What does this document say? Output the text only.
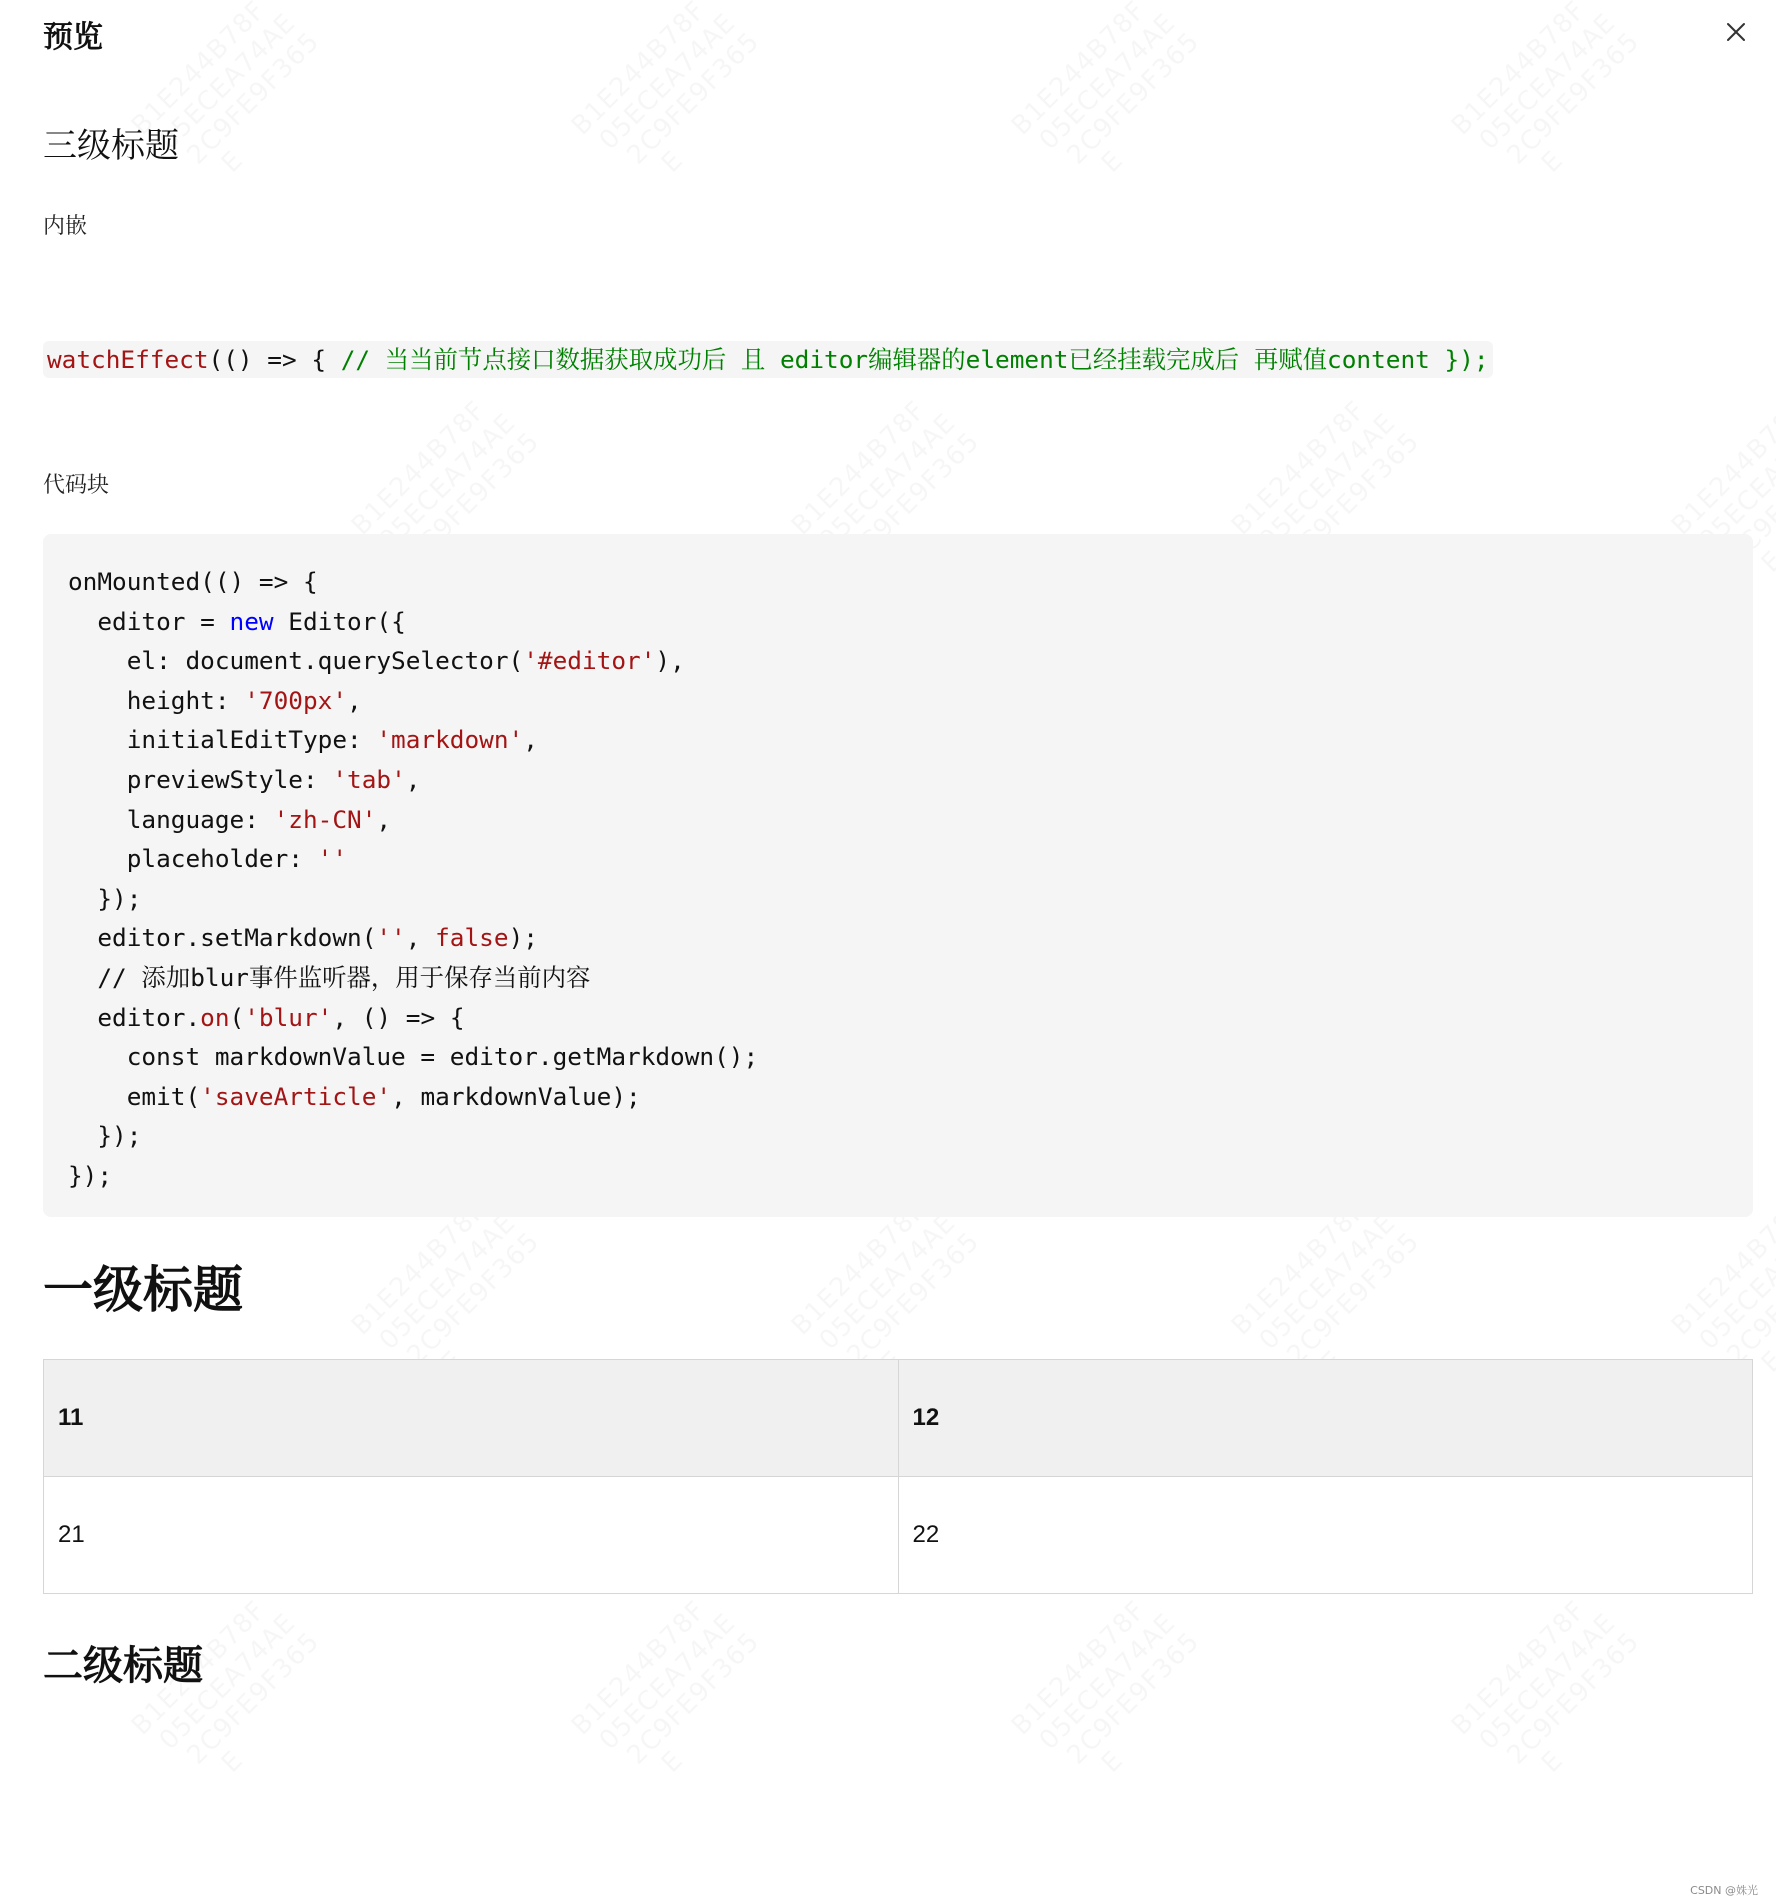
预览
三级标题

内嵌

watchEffect(() => { // 当当前节点接口数据获取成功后 且 editor编辑器的element已经挂载完成后 再赋值content });

代码块

onMounted(() => {
editor = new Editor({
el: document.querySelector('#editor'),
height: '700px',
initialEditType: 'markdown',
previewStyle: 'tab',
language: 'zh-CN',
placeholder: ''
});
editor.setMarkdown('', false);
// 添加blur事件监听器，用于保存当前内容
editor.on('blur', () => {
const markdownValue = editor.getMarkdown();
emit('saveArticle', markdownValue);
});
});
一级标题
11	12
21	22
二级标题
CSDN @姝光
